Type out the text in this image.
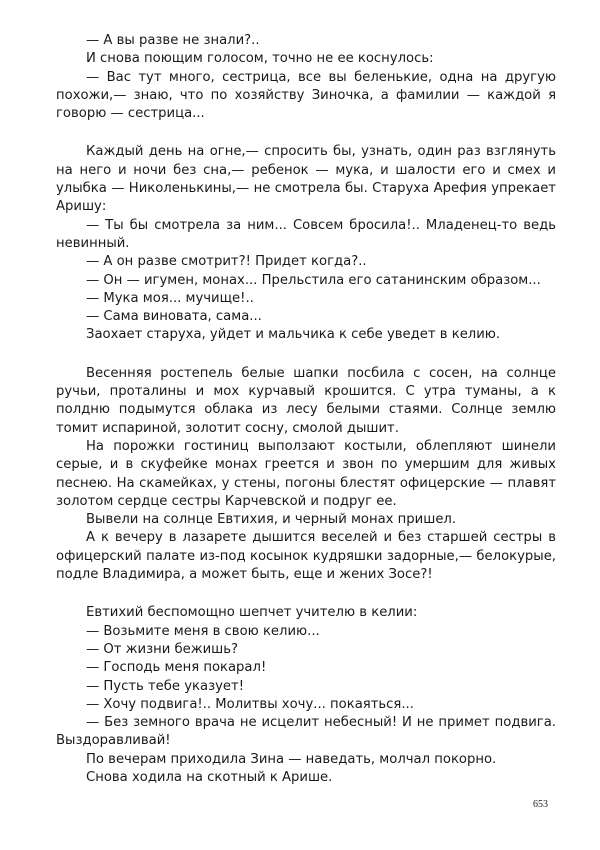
— А вы разве не знали?..

И снова поющим голосом, точно не ее коснулось:

— Вас тут много, сестрица, все вы беленькие, одна на другую похожи,— знаю, что по хозяйству Зиночка, а фамилии — каждой я говорю — сестрица...

Каждый день на огне,— спросить бы, узнать, один раз взглянуть на него и ночи без сна,— ребенок — мука, и шалости его и смех и улыбка — Николенькины,— не смотрела бы. Старуха Арефия упрекает Аришу:

— Ты бы смотрела за ним... Совсем бросила!.. Младенец-то ведь невинный.

— А он разве смотрит?! Придет когда?..

— Он — игумен, монах... Прельстила его сатанинским образом...

— Мука моя... мучище!..

— Сама виновата, сама...

Заохает старуха, уйдет и мальчика к себе уведет в келию.

Весенняя ростепель белые шапки посбила с сосен, на солнце ручьи, проталины и мох курчавый крошится. С утра туманы, а к полдню подымутся облака из лесу белыми стаями. Солнце землю томит испариной, золотит сосну, смолой дышит.

На порожки гостиниц выползают костыли, облепляют шинели серые, и в скуфейке монах греется и звон по умершим для живых песнею. На скамейках, у стены, погоны блестят офицерские — плавят золотом сердце сестры Карчевской и подруг ее.

Вывели на солнце Евтихия, и черный монах пришел.

А к вечеру в лазарете дышится веселей и без старшей сестры в офицерский палате из-под косынок кудряшки задорные,— белокурые, подле Владимира, а может быть, еще и жених Зосе?!

Евтихий беспомощно шепчет учителю в келии:

— Возьмите меня в свою келию...

— От жизни бежишь?

— Господь меня покарал!

— Пусть тебе указует!

— Хочу подвига!.. Молитвы хочу... покаяться...

— Без земного врача не исцелит небесный! И не примет подвига. Выздоравливай!

По вечерам приходила Зина — наведать, молчал покорно.

Снова ходила на скотный к Арише.

653
